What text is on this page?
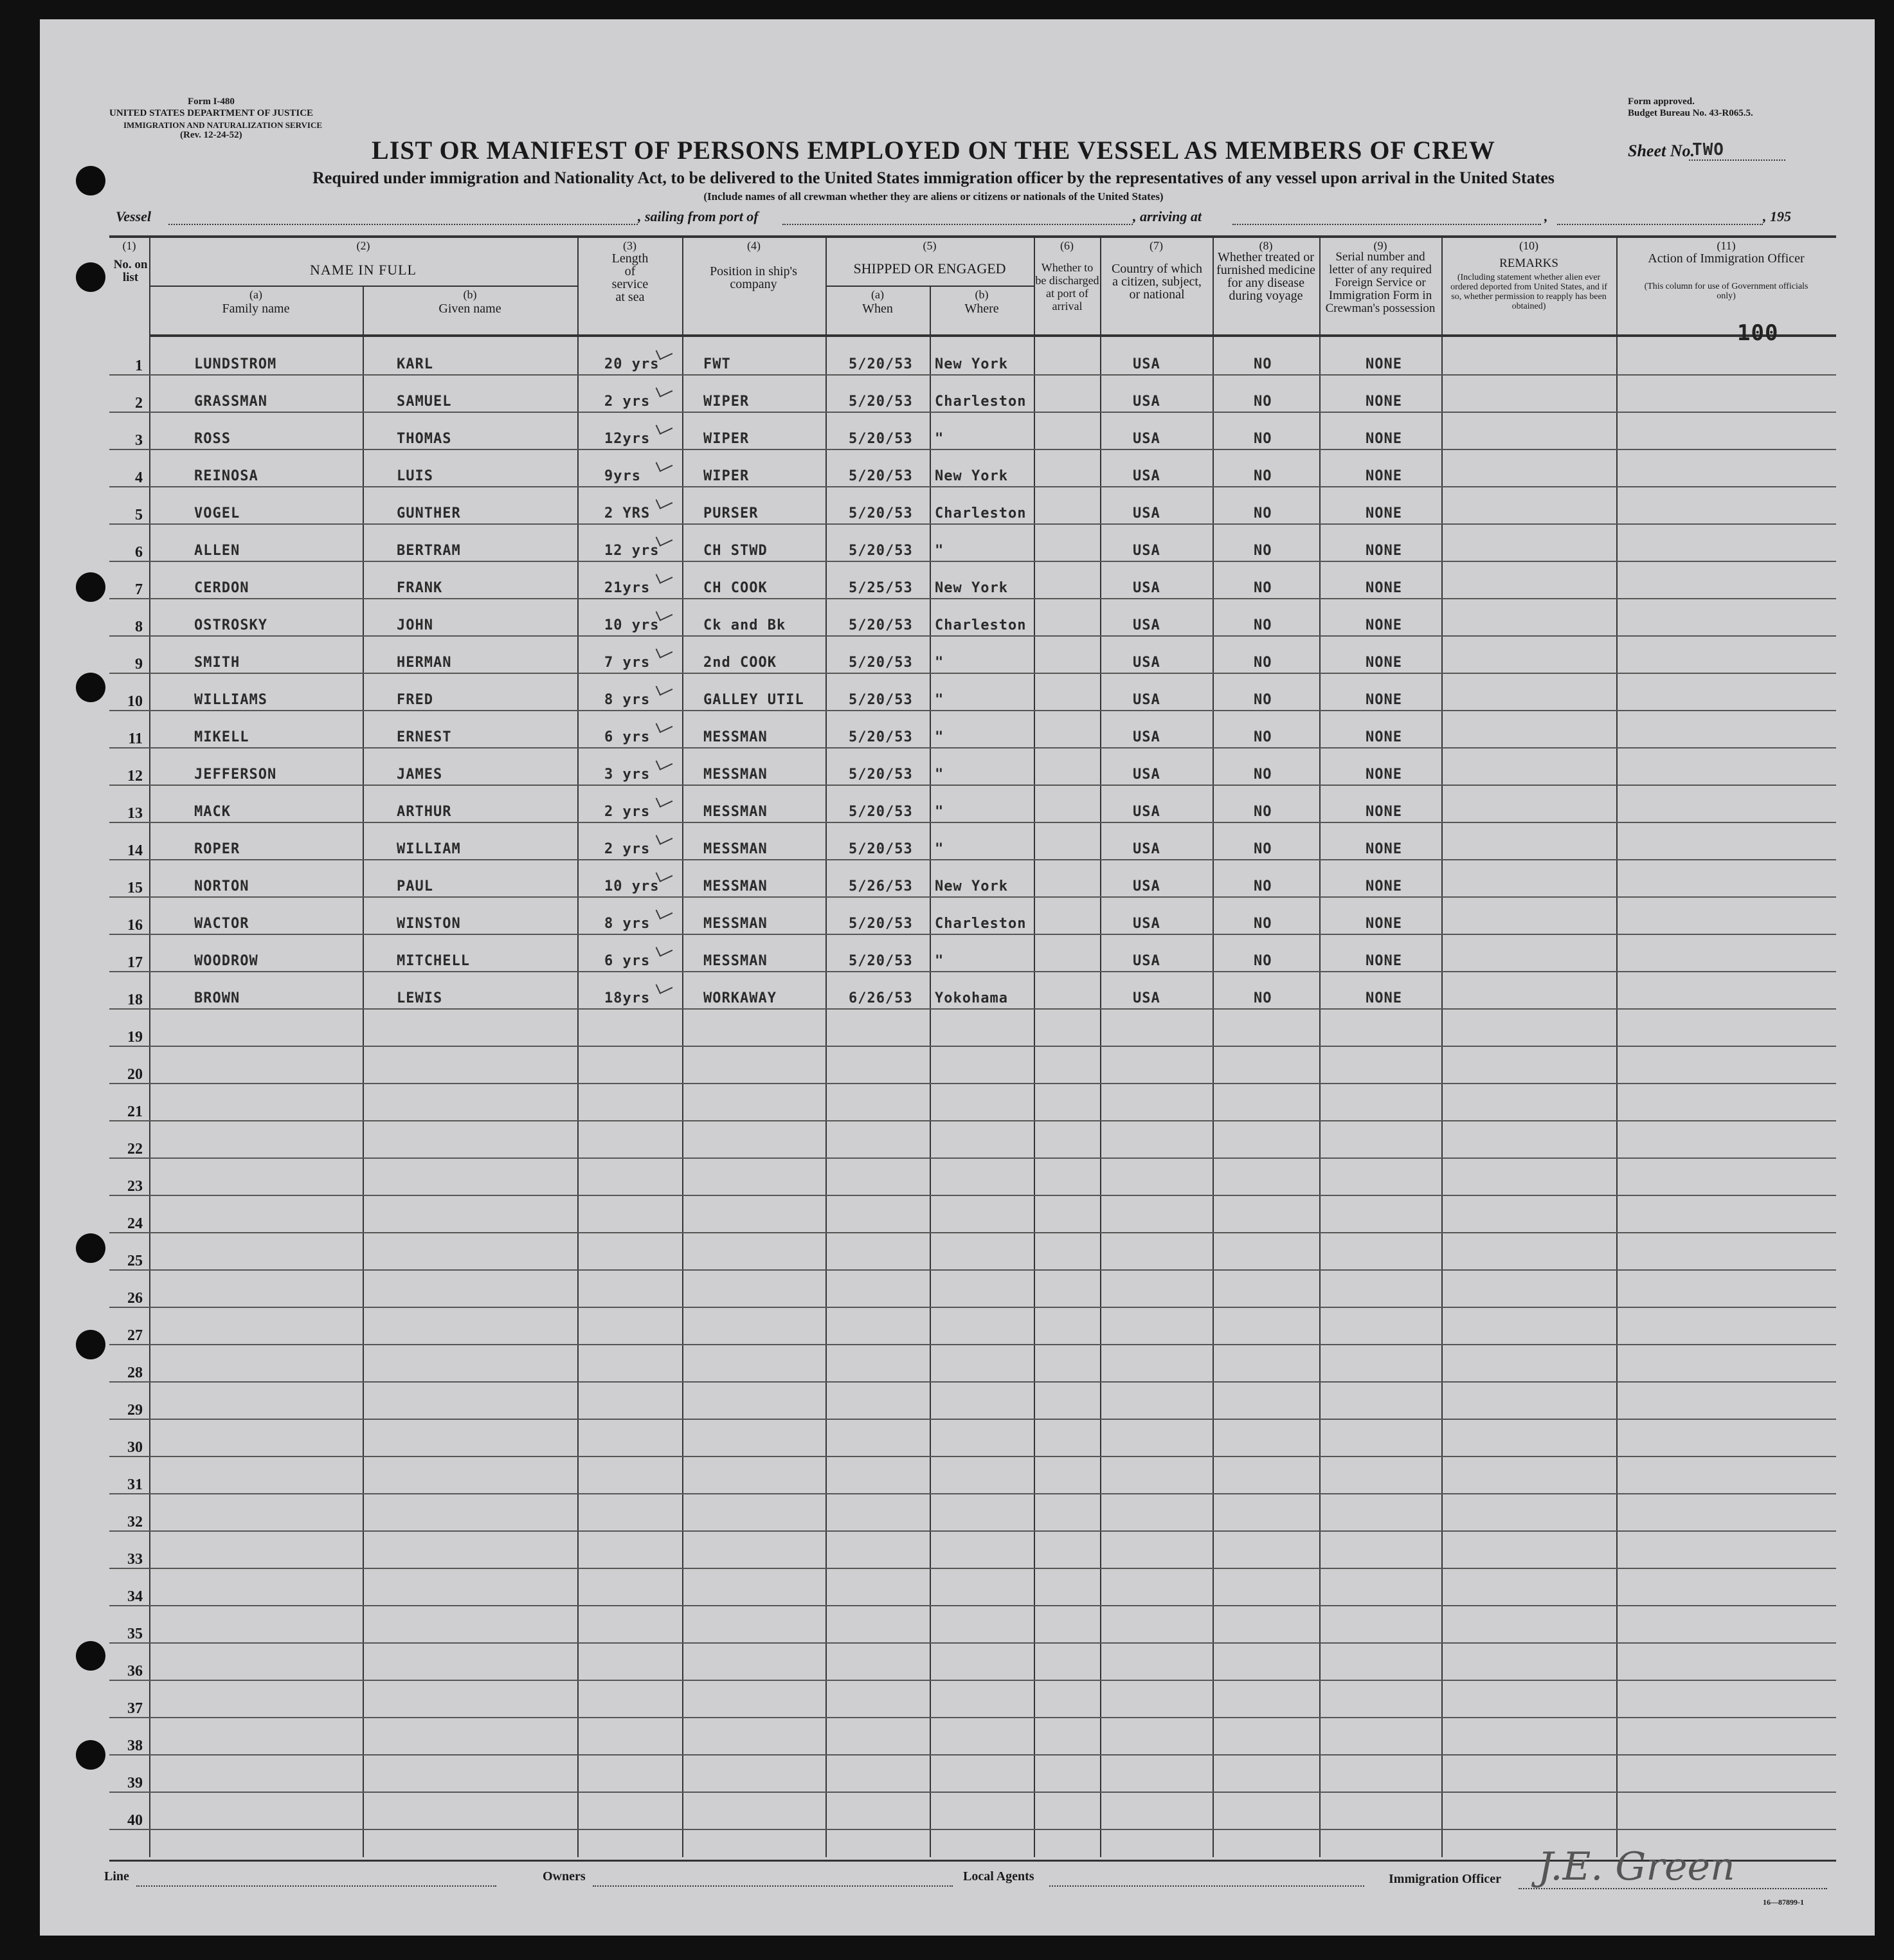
Form I-480
UNITED STATES DEPARTMENT OF JUSTICE
IMMIGRATION AND NATURALIZATION SERVICE
(Rev. 12-24-52)
Form approved.
Budget Bureau No. 43-R065.5.
LIST OR MANIFEST OF PERSONS EMPLOYED ON THE VESSEL AS MEMBERS OF CREW	Sheet No.
TWO
Required under immigration and Nationality Act, to be delivered to the United States immigration officer by the representatives of any vessel upon arrival in the United States
(Include names of all crewman whether they are aliens or citizens or nationals of the United States)
Vessel	, sailing from port of	, arriving at	,	, 195
(1)
No. on list
(2)
NAME IN FULL
(a)
Family name
(b)
Given name
(3)
Length of service at sea
(4)
Position in ship's company
(5)
SHIPPED OR ENGAGED
(a)
When
(b)
Where
(6)
Whether to be discharged at port of arrival
(7)
Country of which a citizen, subject, or national
(8)
Whether treated or furnished medicine for any disease during voyage
(9)
Serial number and letter of any required Foreign Service or Immigration Form in Crewman's possession
(10)
REMARKS
(Including statement whether alien ever ordered deported from United States, and if so, whether permission to reapply has been obtained)
(11)
Action of Immigration Officer
(This column for use of Government officials only)
100
1	LUNDSTROM	KARL	20 yrs	FWT	5/20/53 New York	USA	NO	NONE
2	GRASSMAN	SAMUEL	2 yrs	WIPER	5/20/53 Charleston	USA	NO	NONE
3	ROSS	THOMAS	12yrs	WIPER	5/20/53 "	USA	NO	NONE
4	REINOSA	LUIS	9yrs	WIPER	5/20/53 New York	USA	NO	NONE
5	VOGEL	GUNTHER	2 YRS	PURSER	5/20/53 Charleston	USA	NO	NONE
6	ALLEN	BERTRAM	12 yrs	CH STWD	5/20/53 "	USA	NO	NONE
7	CERDON	FRANK	21yrs	CH COOK	5/25/53 New York	USA	NO	NONE
8	OSTROSKY	JOHN	10 yrs	Ck and Bk	5/20/53 Charleston	USA	NO	NONE
9	SMITH	HERMAN	7 yrs	2nd COOK	5/20/53 "	USA	NO	NONE
10	WILLIAMS	FRED	8 yrs	GALLEY UTIL	5/20/53 "	USA	NO	NONE
11	MIKELL	ERNEST	6 yrs	MESSMAN	5/20/53 "	USA	NO	NONE
12	JEFFERSON	JAMES	3 yrs	MESSMAN	5/20/53 "	USA	NO	NONE
13	MACK	ARTHUR	2 yrs	MESSMAN	5/20/53 "	USA	NO	NONE
14	ROPER	WILLIAM	2 yrs	MESSMAN	5/20/53 "	USA	NO	NONE
15	NORTON	PAUL	10 yrs	MESSMAN	5/26/53 New York	USA	NO	NONE
16	WACTOR	WINSTON	8 yrs	MESSMAN	5/20/53 Charleston	USA	NO	NONE
17	WOODROW	MITCHELL	6 yrs	MESSMAN	5/20/53 "	USA	NO	NONE
18	BROWN	LEWIS	18yrs	WORKAWAY	6/26/53 Yokohama	USA	NO	NONE
19
20
21
22
23
24
25
26
27
28
29
30
31
32
33
34
35
36
37
38
39
40
Line	Owners	Local Agents	Immigration Officer J.E. Green
16—87899-1
